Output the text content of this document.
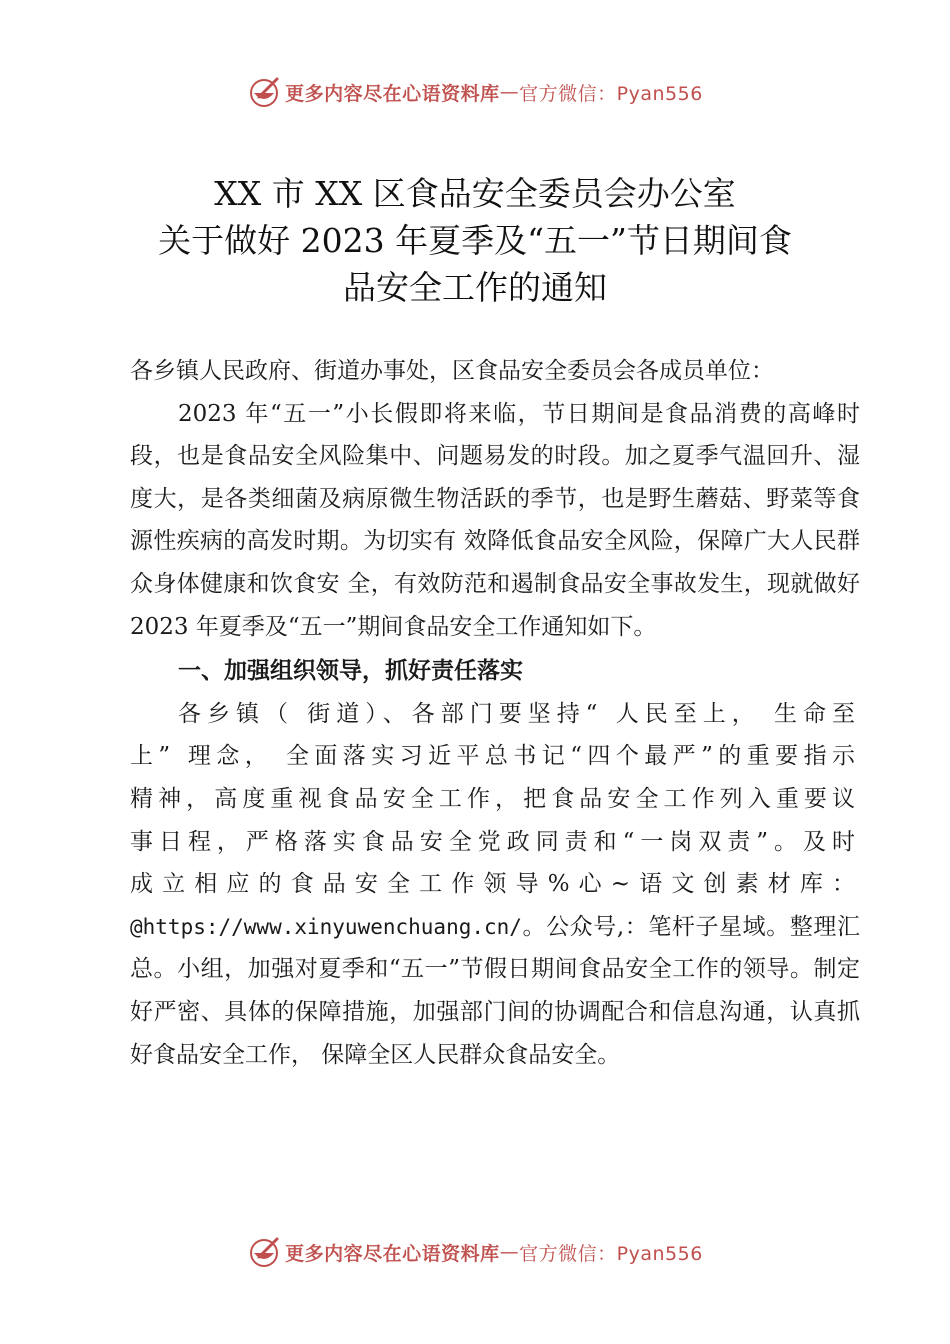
更多内容尽在心语资料库 — 官方微信：Pyan556
XX 市 XX 区食品安全委员会办公室
关于做好 2023 年夏季及“五一”节日期间食
品安全工作的通知

各乡镇人民政府、街道办事处，区食品安全委员会各成员单位：

2023 年“五一”小长假即将来临，节日期间是食品消费的高峰时段，也是食品安全风险集中、问题易发的时段。加之夏季气温回升、湿度大，是各类细菌及病原微生物活跃的季节，也是野生蘑菇、野菜等食源性疾病的高发时期。为切实有 效降低食品安全风险，保障广大人民群众身体健康和饮食安 全，有效防范和遏制食品安全事故发生，现就做好 2023 年夏季及“五一”期间食品安全工作通知如下。

一、加强组织领导，抓好责任落实

各乡镇（ 街道）、各部门要坚持“ 人民至上， 生命至上” 理念， 全面落实习近平总书记“四个最严”的重要指示精神，高度重视食品安全工作，把食品安全工作列入重要议事日程，严格落实食品安全党政同责和“一岗双责”。及时成立相应的食品安全工作领导%心~语文创素材库：@https://www.xinyuwenchuang.cn/。公众号,：笔杆子星域。整理汇总。小组，加强对夏季和“五一”节假日期间食品安全工作的领导。制定好严密、具体的保障措施，加强部门间的协调配合和信息沟通，认真抓好食品安全工作， 保障全区人民群众食品安全。

更多内容尽在心语资料库 — 官方微信：Pyan556
